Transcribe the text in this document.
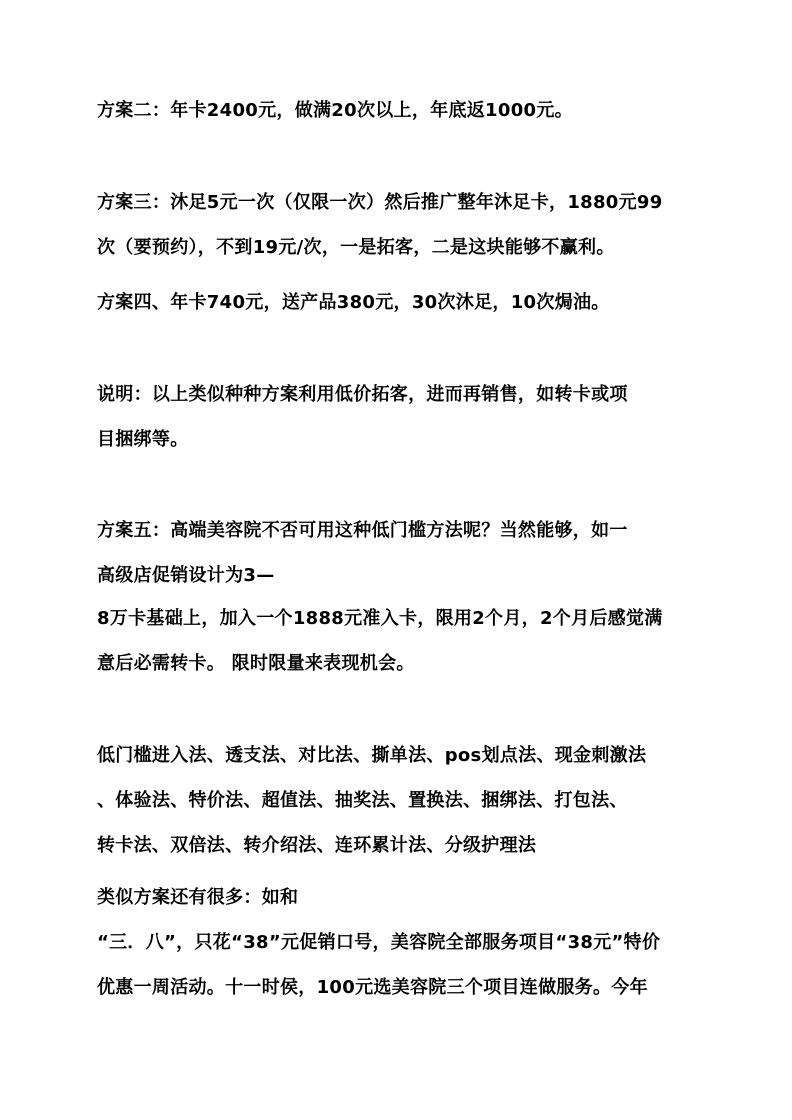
方案二：年卡2400元，做满20次以上，年底返1000元。
方案三：沐足5元一次（仅限一次）然后推广整年沐足卡，1880元99
次（要预约），不到19元/次，一是拓客，二是这块能够不赢利。
方案四、年卡740元，送产品380元，30次沐足，10次焗油。
说明：以上类似种种方案利用低价拓客，进而再销售，如转卡或项
目捆绑等。
方案五：高端美容院不否可用这种低门槛方法呢？当然能够，如一
高级店促销设计为3—
8万卡基础上，加入一个1888元准入卡，限用2个月，2个月后感觉满
意后必需转卡。 限时限量来表现机会。
低门槛进入法、透支法、对比法、撕单法、pos划点法、现金刺激法
、体验法、特价法、超值法、抽奖法、置换法、捆绑法、打包法、
转卡法、双倍法、转介绍法、连环累计法、分级护理法
类似方案还有很多：如和
“三．八”，只花“38”元促销口号，美容院全部服务项目“38元”特价
优惠一周活动。十一时侯，100元选美容院三个项目连做服务。今年
